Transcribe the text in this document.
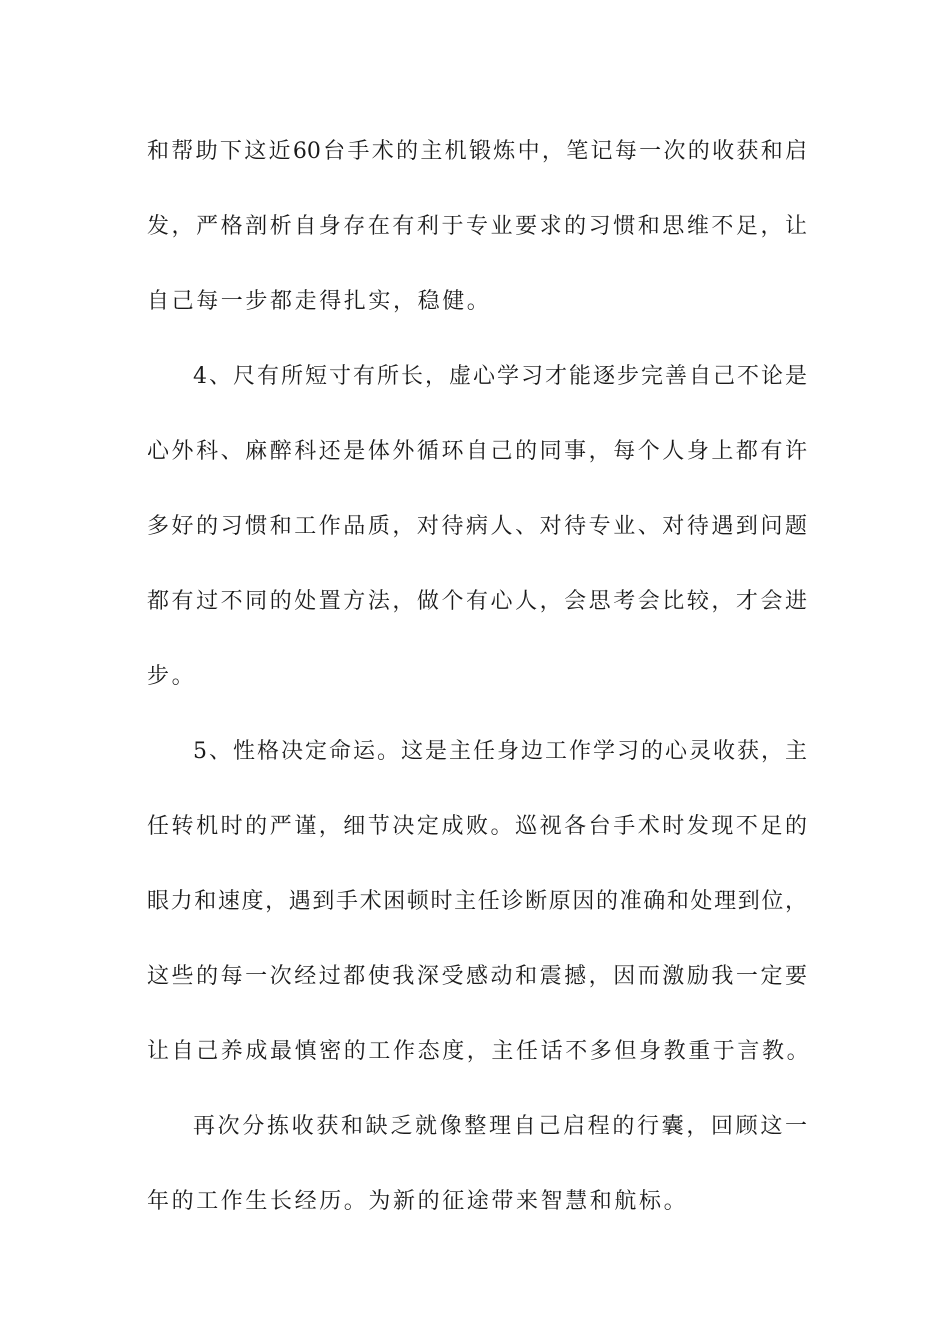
和帮助下这近60台手术的主机锻炼中，笔记每一次的收获和启
发，严格剖析自身存在有利于专业要求的习惯和思维不足，让
自己每一步都走得扎实，稳健。
4、尺有所短寸有所长，虚心学习才能逐步完善自己不论是
心外科、麻醉科还是体外循环自己的同事，每个人身上都有许
多好的习惯和工作品质，对待病人、对待专业、对待遇到问题
都有过不同的处置方法，做个有心人，会思考会比较，才会进
步。
5、性格决定命运。这是主任身边工作学习的心灵收获，主
任转机时的严谨，细节决定成败。巡视各台手术时发现不足的
眼力和速度，遇到手术困顿时主任诊断原因的准确和处理到位，
这些的每一次经过都使我深受感动和震撼，因而激励我一定要
让自己养成最慎密的工作态度，主任话不多但身教重于言教。
再次分拣收获和缺乏就像整理自己启程的行囊，回顾这一
年的工作生长经历。为新的征途带来智慧和航标。
